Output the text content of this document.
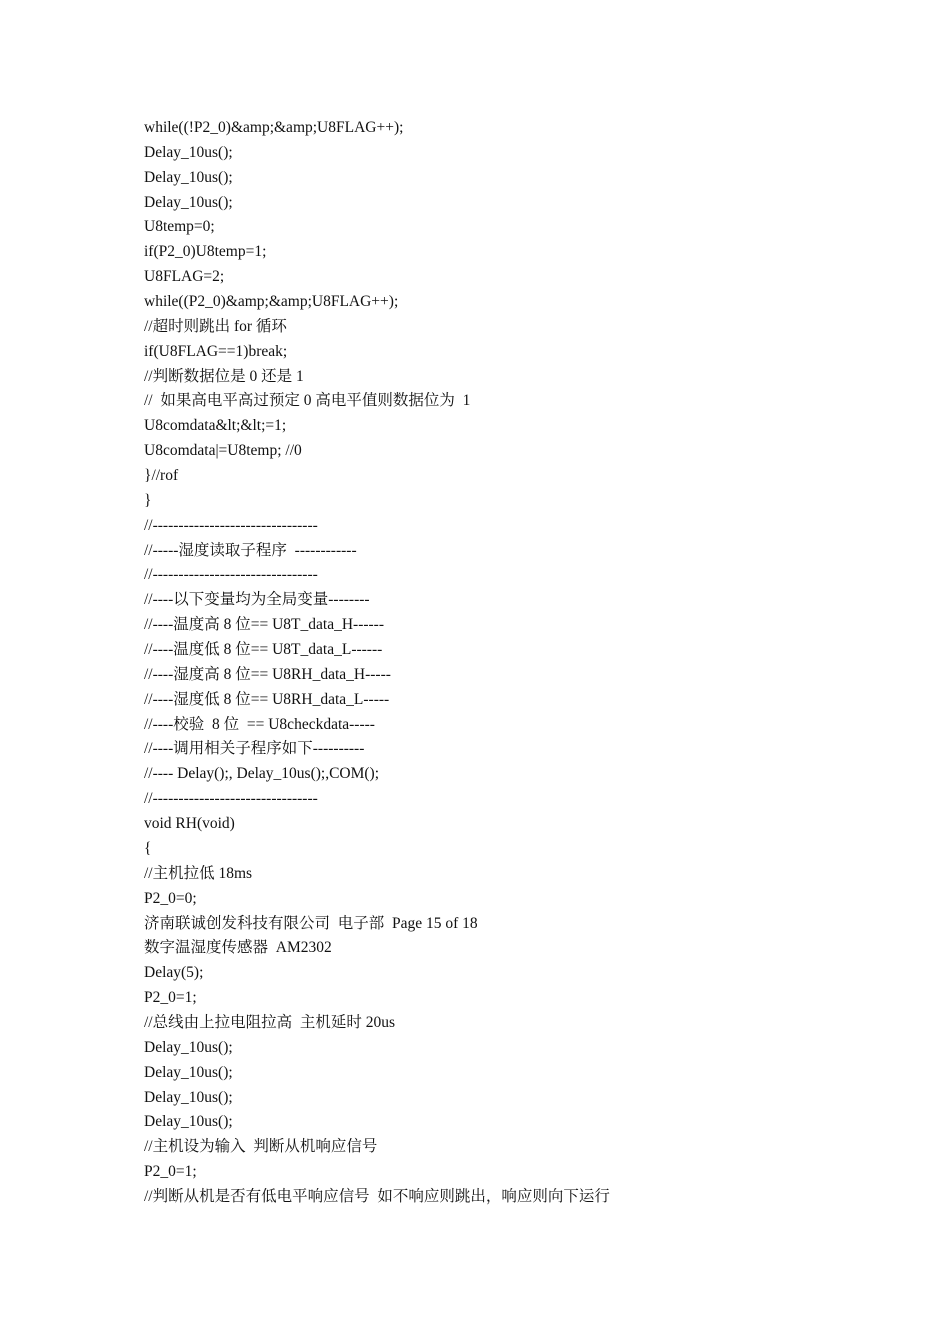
while((!P2_0)&amp;&amp;U8FLAG++);
Delay_10us();
Delay_10us();
Delay_10us();
U8temp=0;
if(P2_0)U8temp=1;
U8FLAG=2;
while((P2_0)&amp;&amp;U8FLAG++);
//超时则跳出 for 循环
if(U8FLAG==1)break;
//判断数据位是 0 还是 1
//  如果高电平高过预定 0 高电平值则数据位为  1
U8comdata&lt;&lt;=1;
U8comdata|=U8temp; //0
}//rof
}
//--------------------------------
//-----湿度读取子程序  ------------
//--------------------------------
//----以下变量均为全局变量--------
//----温度高 8 位== U8T_data_H------
//----温度低 8 位== U8T_data_L------
//----湿度高 8 位== U8RH_data_H-----
//----湿度低 8 位== U8RH_data_L-----
//----校验  8 位  == U8checkdata-----
//----调用相关子程序如下----------
//---- Delay();, Delay_10us();,COM();
//--------------------------------
void RH(void)
{
//主机拉低 18ms
P2_0=0;
济南联诚创发科技有限公司  电子部  Page 15 of 18
数字温湿度传感器  AM2302
Delay(5);
P2_0=1;
//总线由上拉电阻拉高  主机延时 20us
Delay_10us();
Delay_10us();
Delay_10us();
Delay_10us();
//主机设为输入  判断从机响应信号
P2_0=1;
//判断从机是否有低电平响应信号  如不响应则跳出，响应则向下运行
